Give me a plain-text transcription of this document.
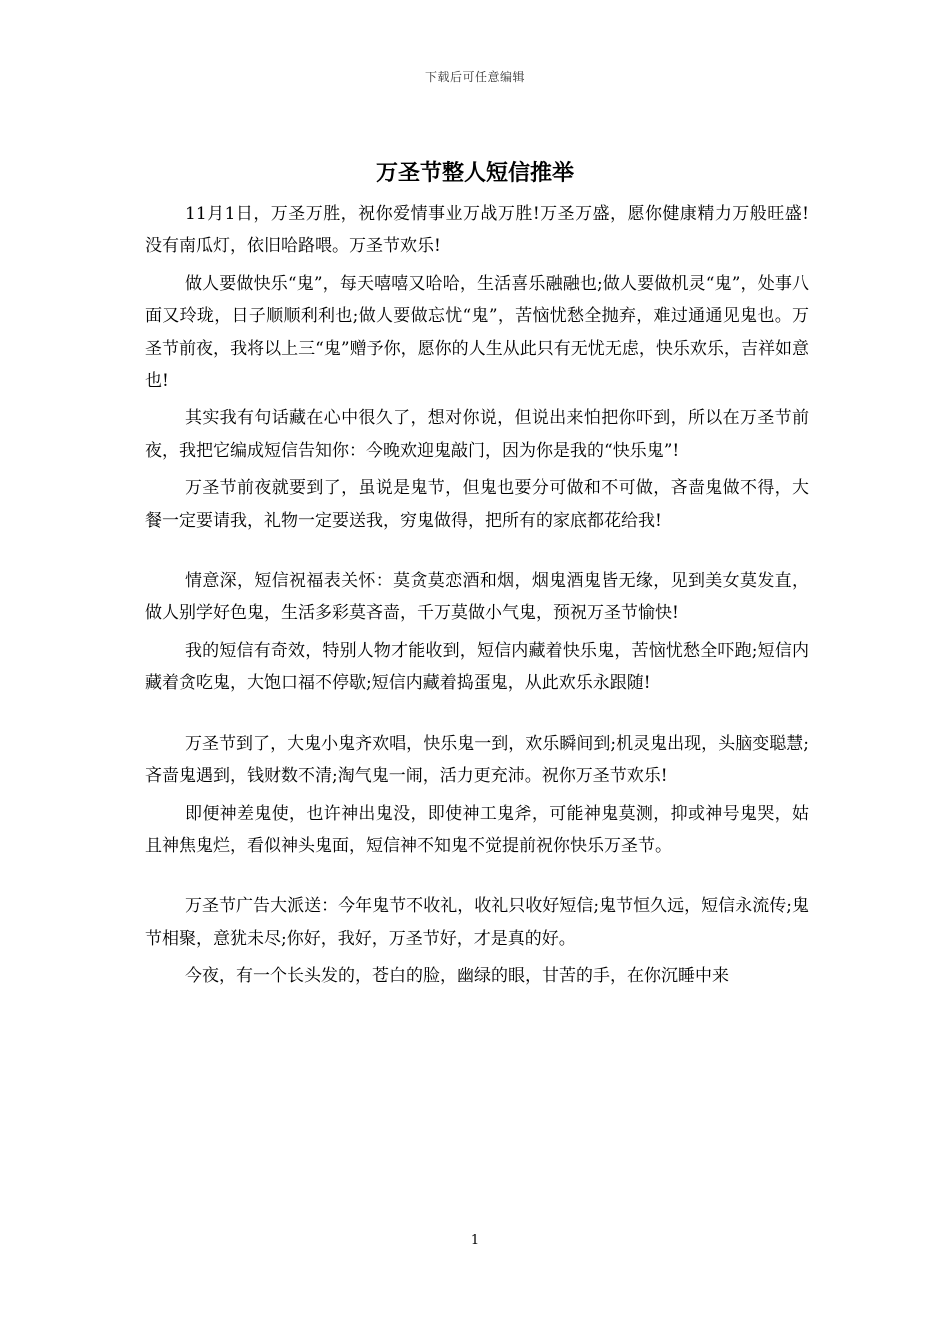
下载后可任意编辑
万圣节整人短信推举

11月1日，万圣万胜，祝你爱情事业万战万胜!万圣万盛，愿你健康精力万般旺盛!没有南瓜灯，依旧哈路喂。万圣节欢乐!

做人要做快乐“鬼”，每天嘻嘻又哈哈，生活喜乐融融也;做人要做机灵“鬼”，处事八面又玲珑，日子顺顺利利也;做人要做忘忧“鬼”，苦恼忧愁全抛弃，难过通通见鬼也。万圣节前夜，我将以上三“鬼”赠予你，愿你的人生从此只有无忧无虑，快乐欢乐，吉祥如意也!

其实我有句话藏在心中很久了，想对你说，但说出来怕把你吓到，所以在万圣节前夜，我把它编成短信告知你：今晚欢迎鬼敲门，因为你是我的“快乐鬼”!

万圣节前夜就要到了，虽说是鬼节，但鬼也要分可做和不可做，吝啬鬼做不得，大餐一定要请我，礼物一定要送我，穷鬼做得，把所有的家底都花给我!

情意深，短信祝福表关怀：莫贪莫恋酒和烟，烟鬼酒鬼皆无缘，见到美女莫发直，做人别学好色鬼，生活多彩莫吝啬，千万莫做小气鬼，预祝万圣节愉快!

我的短信有奇效，特别人物才能收到，短信内藏着快乐鬼，苦恼忧愁全吓跑;短信内藏着贪吃鬼，大饱口福不停歇;短信内藏着捣蛋鬼，从此欢乐永跟随!

万圣节到了，大鬼小鬼齐欢唱，快乐鬼一到，欢乐瞬间到;机灵鬼出现，头脑变聪慧;吝啬鬼遇到，钱财数不清;淘气鬼一闹，活力更充沛。祝你万圣节欢乐!

即便神差鬼使，也许神出鬼没，即使神工鬼斧，可能神鬼莫测，抑或神号鬼哭，姑且神焦鬼烂，看似神头鬼面，短信神不知鬼不觉提前祝你快乐万圣节。

万圣节广告大派送：今年鬼节不收礼，收礼只收好短信;鬼节恒久远，短信永流传;鬼节相聚，意犹未尽;你好，我好，万圣节好，才是真的好。

今夜，有一个长头发的，苍白的脸，幽绿的眼，甘苦的手，在你沉睡中来

1
